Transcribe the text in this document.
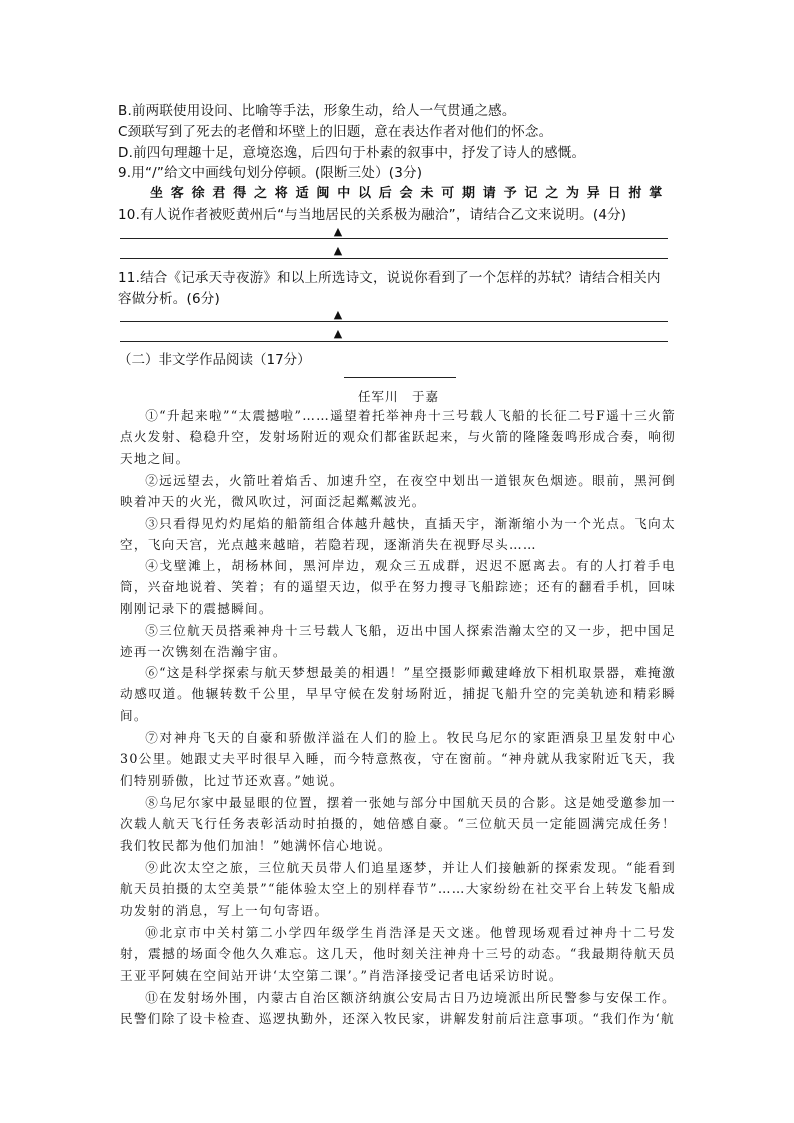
B.前两联使用设问、比喻等手法，形象生动，给人一气贯通之感。
C颈联写到了死去的老僧和坏壁上的旧题，意在表达作者对他们的怀念。
D.前四句理趣十足，意境恣逸，后四句于朴素的叙事中，抒发了诗人的感慨。
9.用“/”给文中画线句划分停顿。(限断三处）(3分)
坐客徐君得之将适闽中以后会未可期请予记之为异日拊掌
10.有人说作者被贬黄州后“与当地居民的关系极为融洽”，请结合乙文来说明。(4分)
▲
▲
11.结合《记承天寺夜游》和以上所选诗文，说说你看到了一个怎样的苏轼？请结合相关内
容做分析。(6分)
▲
▲
（二）非文学作品阅读（17分）
任军川　于嘉

①“升起来啦”“太震撼啦”……遥望着托举神舟十三号载人飞船的长征二号F遥十三火箭点火发射、稳稳升空，发射场附近的观众们都雀跃起来，与火箭的隆隆轰鸣形成合奏，响彻天地之间。

②远远望去，火箭吐着焰舌、加速升空，在夜空中划出一道银灰色烟迹。眼前，黑河倒映着冲天的火光，微风吹过，河面泛起粼粼波光。

③只看得见灼灼尾焰的船箭组合体越升越快，直插天宇，渐渐缩小为一个光点。飞向太空，飞向天宫，光点越来越暗，若隐若现，逐渐消失在视野尽头……

④戈壁滩上，胡杨林间，黑河岸边，观众三五成群，迟迟不愿离去。有的人打着手电筒，兴奋地说着、笑着；有的遥望天边，似乎在努力搜寻飞船踪迹；还有的翻看手机，回味刚刚记录下的震撼瞬间。

⑤三位航天员搭乘神舟十三号载人飞船，迈出中国人探索浩瀚太空的又一步，把中国足迹再一次镌刻在浩瀚宇宙。

⑥“这是科学探索与航天梦想最美的相遇！”星空摄影师戴建峰放下相机取景器，难掩激动感叹道。他辗转数千公里，早早守候在发射场附近，捕捉飞船升空的完美轨迹和精彩瞬间。

⑦对神舟飞天的自豪和骄傲洋溢在人们的脸上。牧民乌尼尔的家距酒泉卫星发射中心30公里。她跟丈夫平时很早入睡，而今特意熬夜，守在窗前。“神舟就从我家附近飞天，我们特别骄傲，比过节还欢喜。”她说。

⑧乌尼尔家中最显眼的位置，摆着一张她与部分中国航天员的合影。这是她受邀参加一次载人航天飞行任务表彰活动时拍摄的，她倍感自豪。“三位航天员一定能圆满完成任务！我们牧民都为他们加油！”她满怀信心地说。

⑨此次太空之旅，三位航天员带人们追星逐梦，并让人们接触新的探索发现。“能看到航天员拍摄的太空美景”“能体验太空上的别样春节”……大家纷纷在社交平台上转发飞船成功发射的消息，写上一句句寄语。

⑩北京市中关村第二小学四年级学生肖浩泽是天文迷。他曾现场观看过神舟十二号发射，震撼的场面令他久久难忘。这几天，他时刻关注神舟十三号的动态。“我最期待航天员王亚平阿姨在空间站开讲‘太空第二课’。”肖浩泽接受记者电话采访时说。

⑪在发射场外围，内蒙古自治区额济纳旗公安局古日乃边境派出所民警参与安保工作。民警们除了设卡检查、巡逻执勤外，还深入牧民家，讲解发射前后注意事项。“我们作为‘航
